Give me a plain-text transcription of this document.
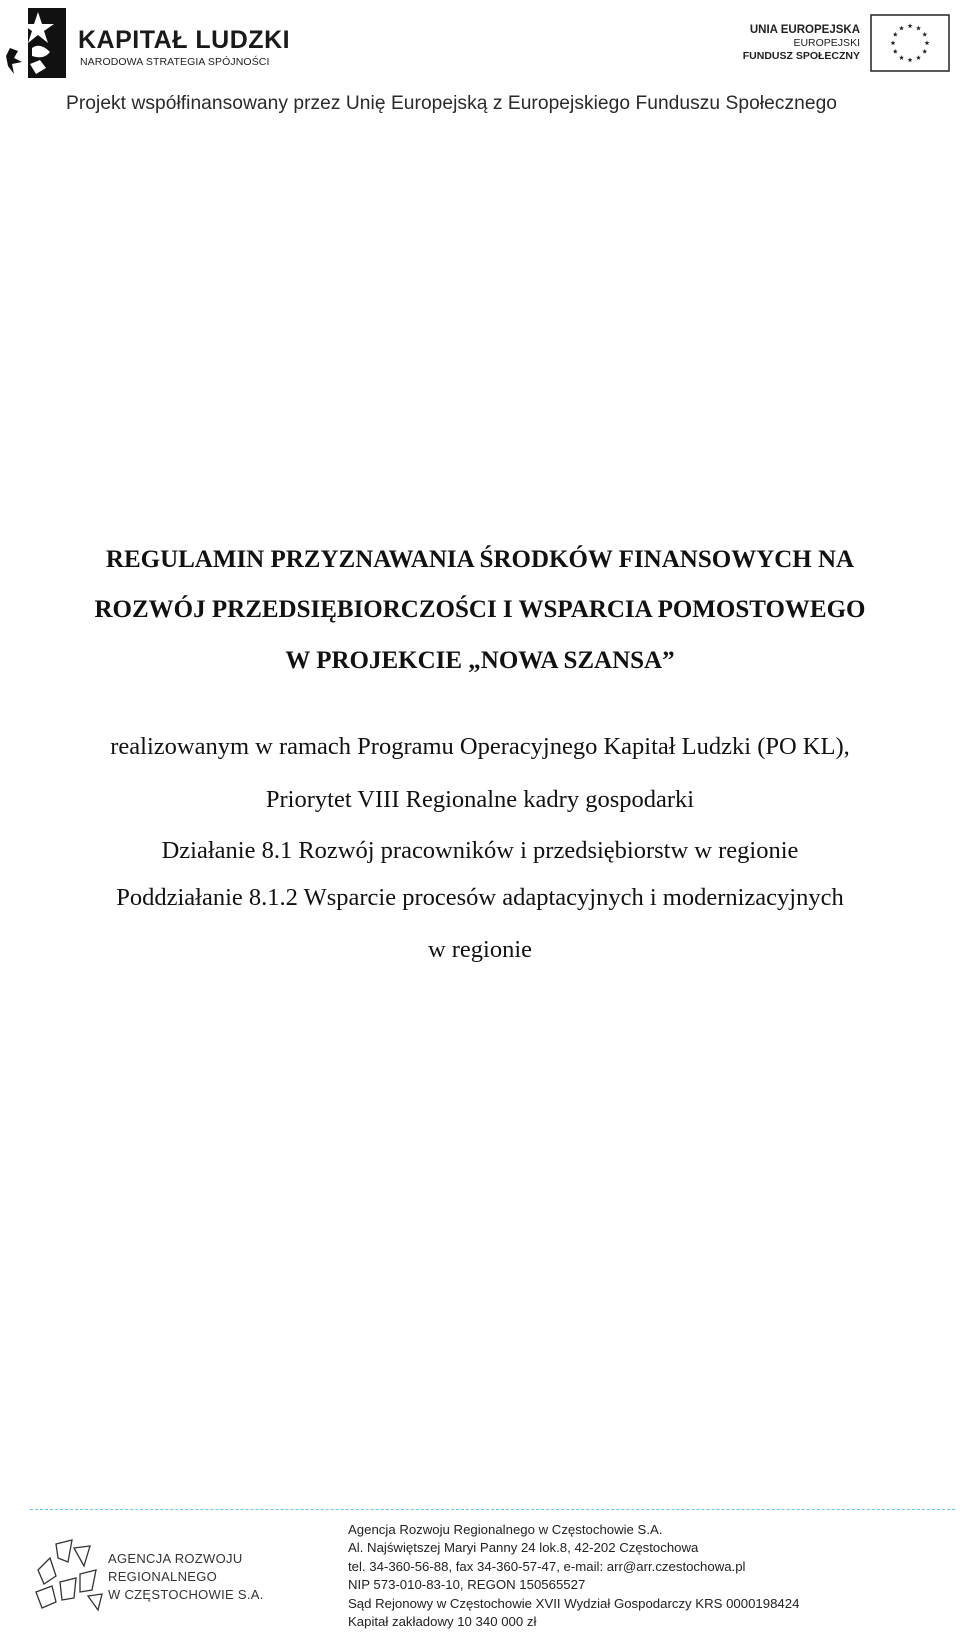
KAPITAŁ LUDZKI
NARODOWA STRATEGIA SPÓJNOŚCI
UNIA EUROPEJSKA
EUROPEJSKI
FUNDUSZ SPOŁECZNY
Projekt współfinansowany przez Unię Europejską z Europejskiego Funduszu Społecznego
REGULAMIN PRZYZNAWANIA ŚRODKÓW FINANSOWYCH NA
ROZWÓJ PRZEDSIĘBIORCZOŚCI I WSPARCIA POMOSTOWEGO
W PROJEKCIE „NOWA SZANSA”
realizowanym w ramach Programu Operacyjnego Kapitał Ludzki (PO KL),
Priorytet VIII Regionalne kadry gospodarki
Działanie 8.1 Rozwój pracowników i przedsiębiorstw w regionie
Poddziałanie 8.1.2 Wsparcie procesów adaptacyjnych i modernizacyjnych
w regionie
AGENCJA ROZWOJU
REGIONALNEGO
W CZĘSTOCHOWIE S.A.
Agencja Rozwoju Regionalnego w Częstochowie S.A.
Al. Najświętszej Maryi Panny 24 lok.8, 42-202 Częstochowa
tel. 34-360-56-88, fax 34-360-57-47, e-mail: arr@arr.czestochowa.pl
NIP 573-010-83-10, REGON 150565527
Sąd Rejonowy w Częstochowie XVII Wydział Gospodarczy KRS 0000198424
Kapitał zakładowy 10 340 000 zł
